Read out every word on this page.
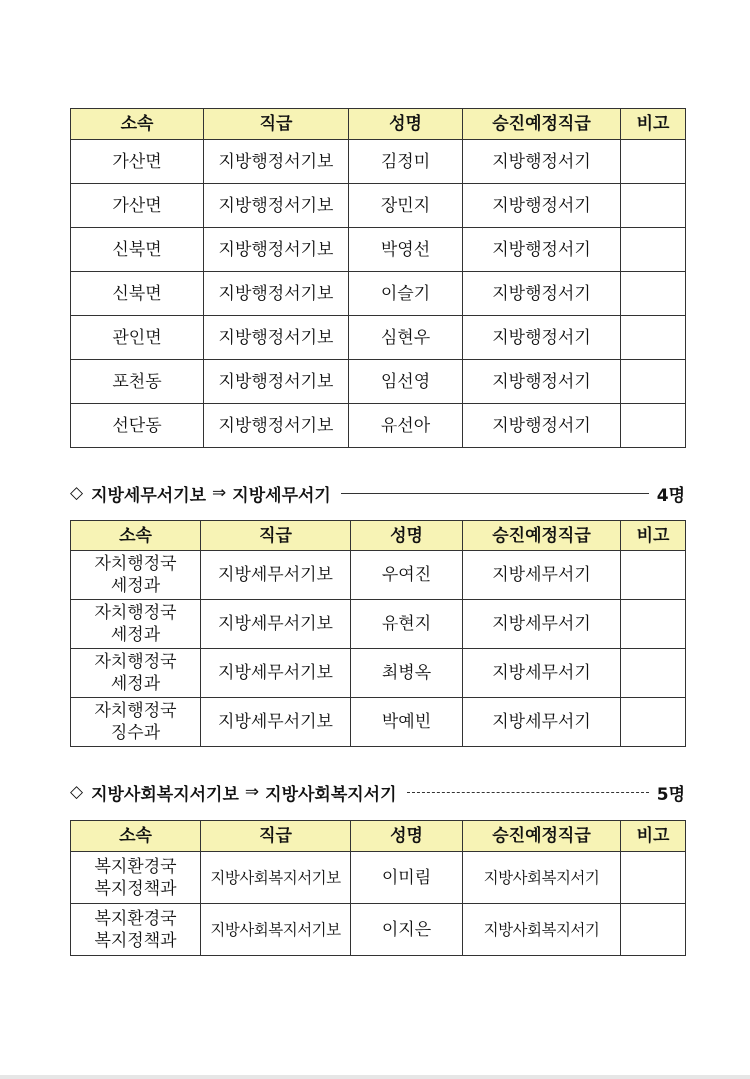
소속	직급	성명	승진예정직급	비고
가산면	지방행정서기보	김정미	지방행정서기	
가산면	지방행정서기보	장민지	지방행정서기	
신북면	지방행정서기보	박영선	지방행정서기	
신북면	지방행정서기보	이슬기	지방행정서기	
관인면	지방행정서기보	심현우	지방행정서기	
포천동	지방행정서기보	임선영	지방행정서기	
선단동	지방행정서기보	유선아	지방행정서기	
◇ 지방세무서기보 ⇒ 지방세무서기	4명
소속	직급	성명	승진예정직급	비고

자치행정국
세정과	지방세무서기보	우여진	지방세무서기	

자치행정국
세정과	지방세무서기보	유현지	지방세무서기	

자치행정국
세정과	지방세무서기보	최병옥	지방세무서기	

자치행정국
징수과	지방세무서기보	박예빈	지방세무서기	
◇ 지방사회복지서기보 ⇒ 지방사회복지서기	5명
소속	직급	성명	승진예정직급	비고

복지환경국
복지정책과	지방사회복지서기보	이미림	지방사회복지서기	

복지환경국
복지정책과	지방사회복지서기보	이지은	지방사회복지서기	
